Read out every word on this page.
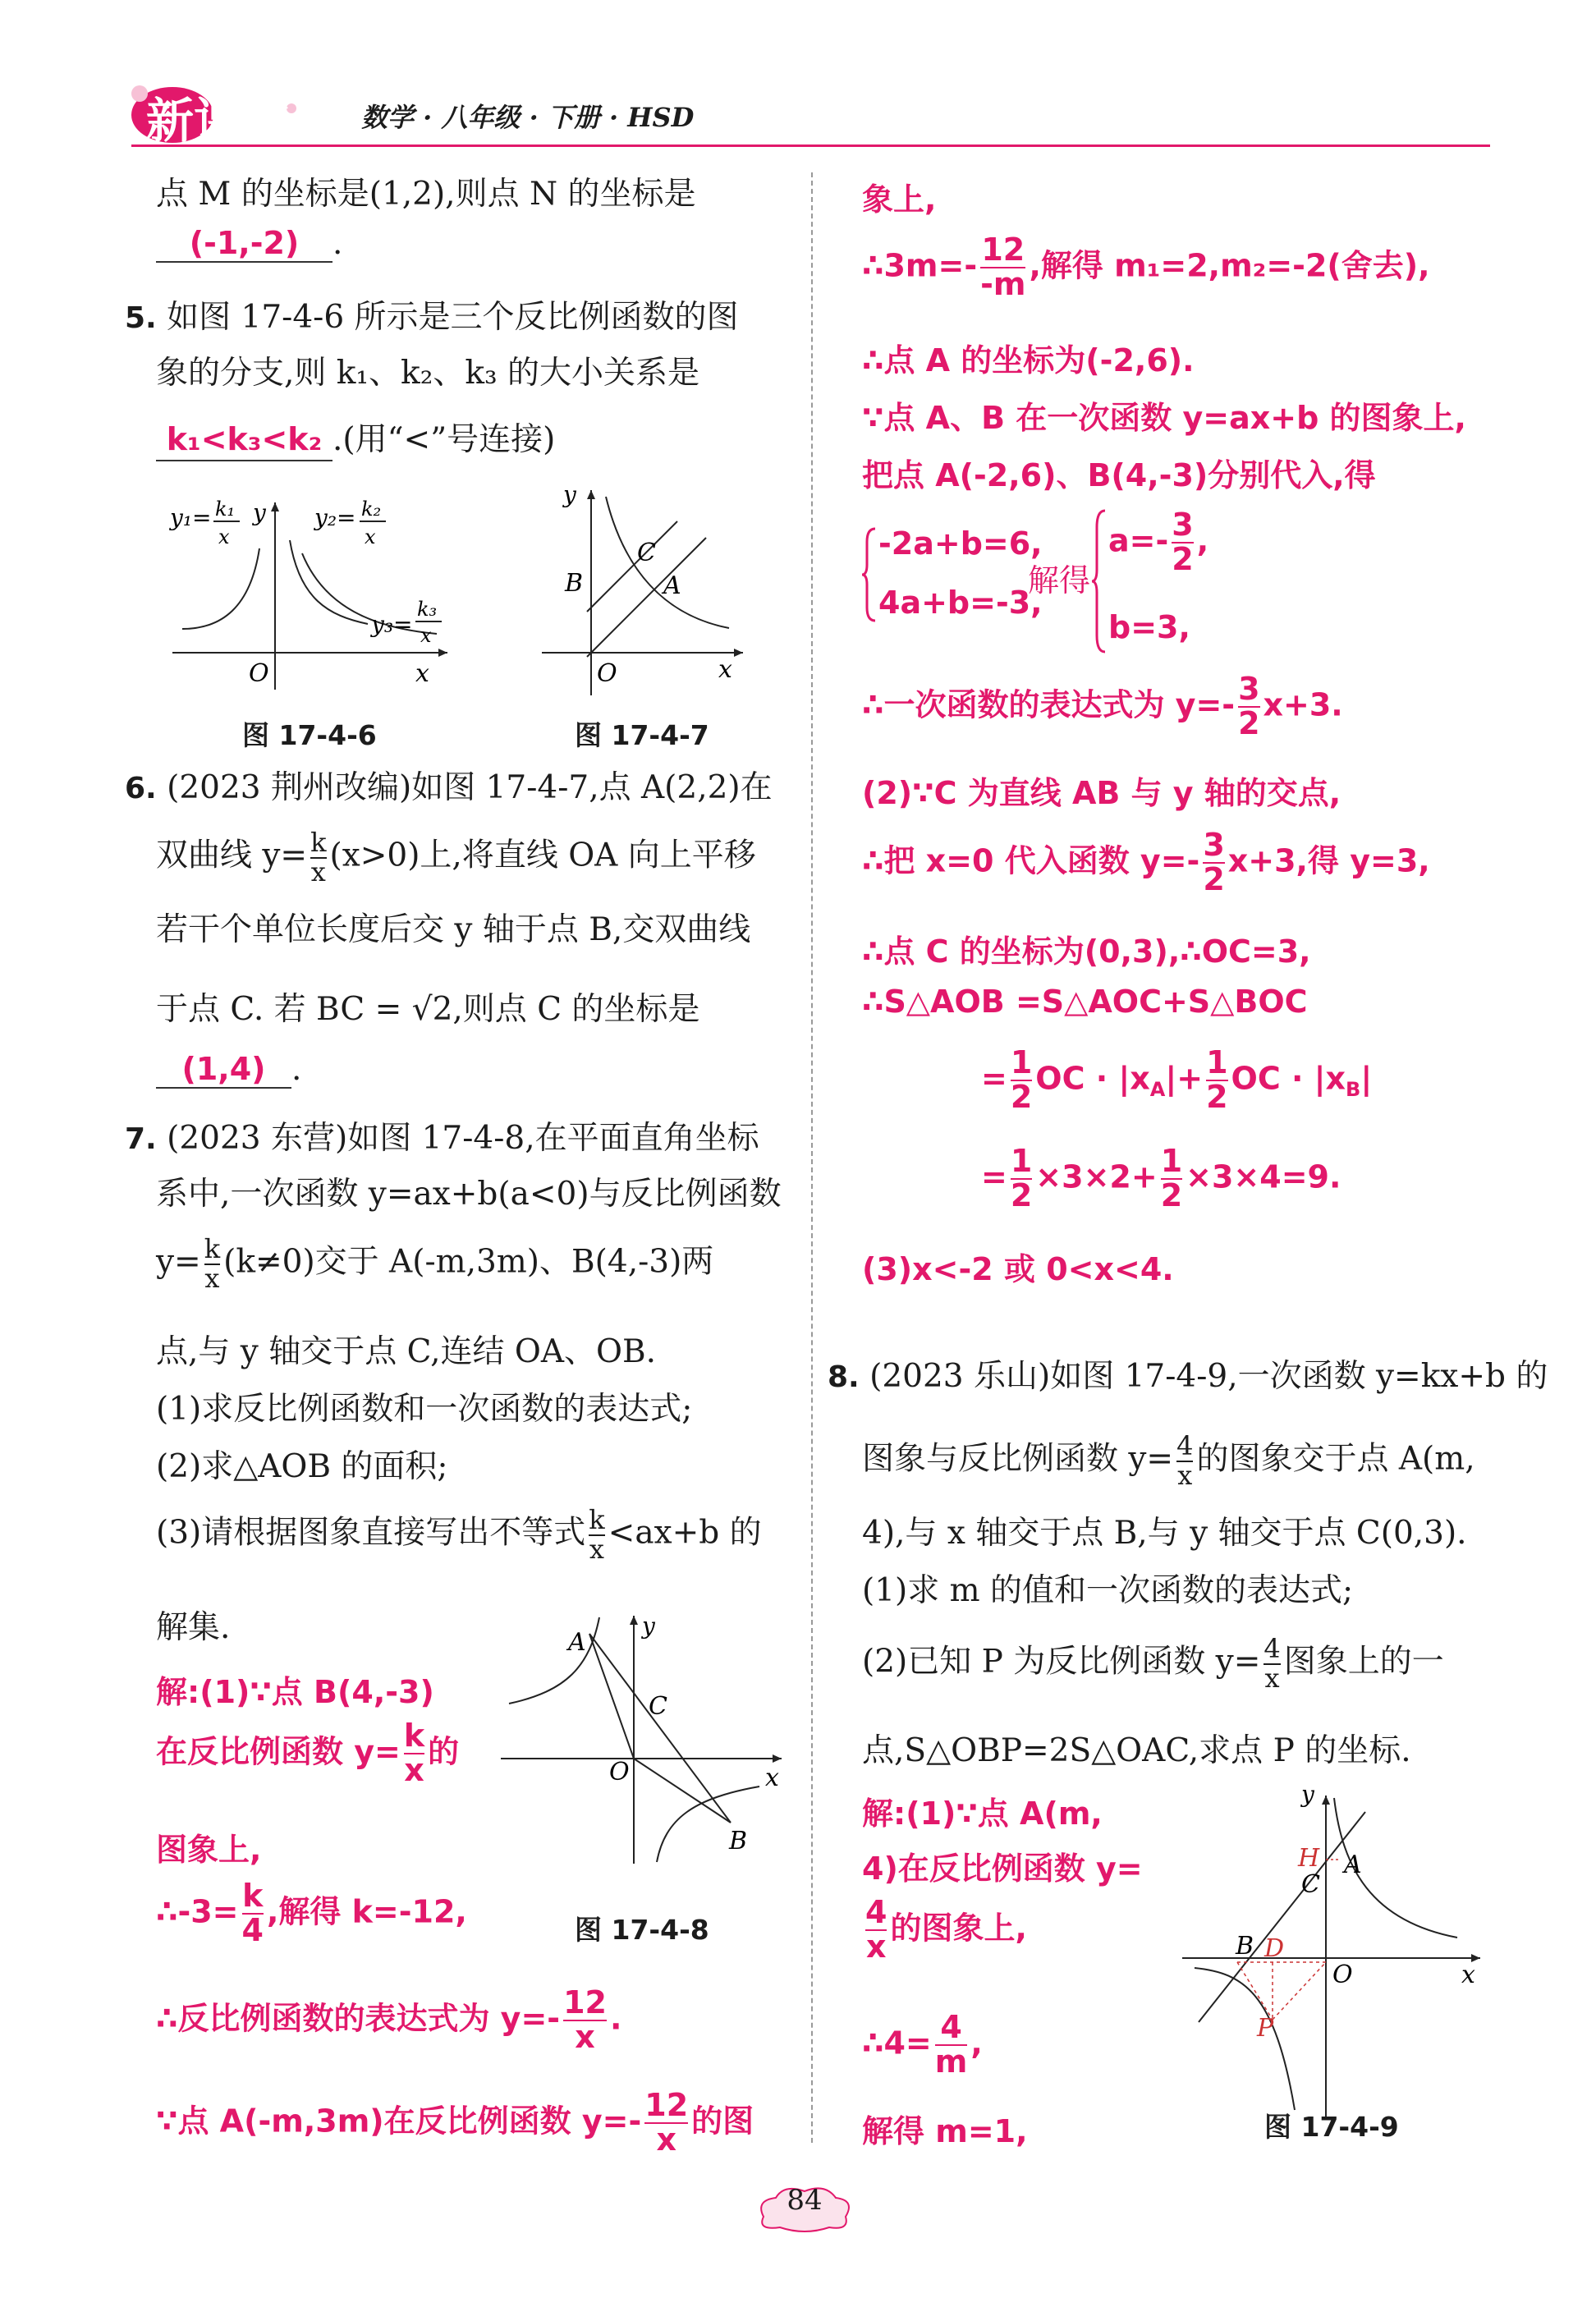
新课堂	数学 · 八年级 · 下册 · HSD
点 M 的坐标是(1,2),则点 N 的坐标是
(-1,-2) .
5. 如图 17-4-6 所示是三个反比例函数的图
象的分支,则 k₁、k₂、k₃ 的大小关系是
k₁<k₃<k₂ .(用“<”号连接)
y₁= k₁
x
y y₂= k₂
x
y₃=
k₃
x
O	x
图 17-4-6
y
B
C
A
O	x
图 17-4-7
6. (2023 荆州改编)如图 17-4-7,点 A(2,2)在
双曲线 $y= \frac{k}{x} (x>0)$上,将直线 OA 向上平移
若干个单位长度后交 y 轴于点 B,交双曲线
于点 C. 若 BC = √2,则点 C 的坐标是
(1,4) .
7. (2023 东营)如图 17-4-8,在平面直角坐标
系中,一次函数 y=ax+b(a<0)与反比例函数
$y= \frac{k}{x} (k\ne 0)$交于 A(-m,3m)、B(4,-3)两
点,与 y 轴交于点 C,连结 OA、OB.
(1)求反比例函数和一次函数的表达式;
(2)求△AOB 的面积;
(3)请根据图象直接写出不等式 $\frac{k}{x} <ax+b$ 的
解集.
解:(1)∵点 B(4,-3)
在反比例函数 $y= \frac{k}{x}$ 的
图象上,
∴-3= $\frac{k}{4}$ ,解得 k=-12,
∴反比例函数的表达式为 $y=- \frac{12}{x}$ .
∵点 A(-m,3m)在反比例函数 $y=- \frac{12}{x}$ 的图
A
y
C
O	x
B
图 17-4-8
象上,
∴3m=- $\frac{12}{-m}$ ,解得 m₁=2,m₂=-2(舍去),
∴点 A 的坐标为(-2,6).
∵点 A、B 在一次函数 y=ax+b 的图象上,
把点 A(-2,6)、B(4,-3)分别代入,得
-2a+b=6,
4a+b=-3,
解得
$a=- \frac{3}{2}$ ,
b=3,
∴一次函数的表达式为 $y=- \frac{3}{2} x+3$.
(2)∵C 为直线 AB 与 y 轴的交点,
∴把 x=0 代入函数 $y=- \frac{3}{2} x+3$,得 y=3,
∴点 C 的坐标为(0,3),∴OC=3,
∴S△AOB =S△AOC+S△BOC
= $\frac{1}{2}$ OC · $|x_A|+ \frac{1}{2}$ OC · $|x_B|$
= $\frac{1}{2} \times 3\times 2+ \frac{1}{2} \times 3\times 4=9$.
(3)x<-2 或 0<x<4.
8. (2023 乐山)如图 17-4-9,一次函数 y=kx+b 的
图象与反比例函数 $y= \frac{4}{x}$ 的图象交于点 A(m,
4),与 x 轴交于点 B,与 y 轴交于点 C(0,3).
(1)求 m 的值和一次函数的表达式;
(2)已知 P 为反比例函数 $y= \frac{4}{x}$ 图象上的一
点,S△OBP=2S△OAC,求点 P 的坐标.
解:(1)∵点 A(m,
4)在反比例函数 y=
$\frac{4}{x}$ 的图象上,
∴4= $\frac{4}{m}$ ,
解得 m=1,
y
H
C
A
B D
O	x
P
图 17-4-9
84
